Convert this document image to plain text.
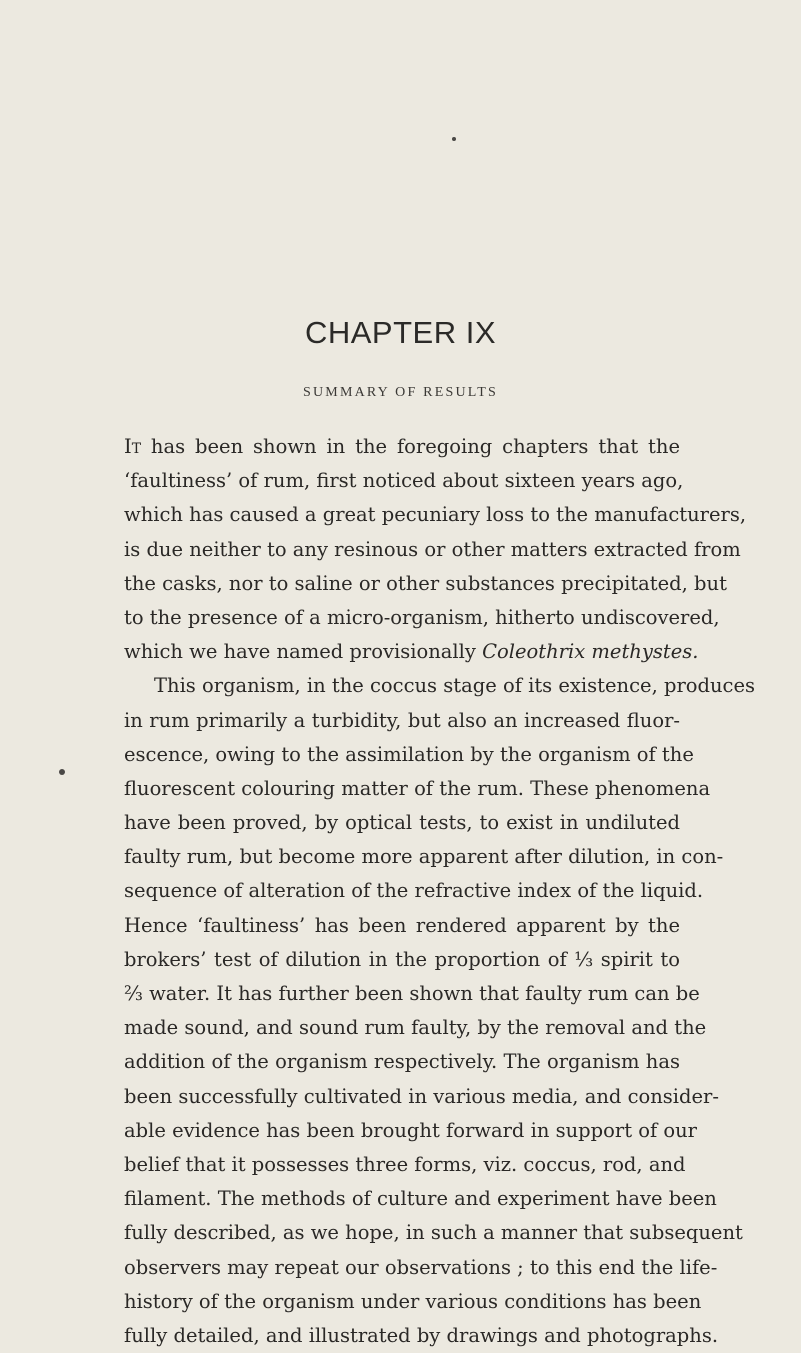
CHAPTER IX
SUMMARY OF RESULTS
It has been shown in the foregoing chapters that the
‘faultiness’ of rum, first noticed about sixteen years ago,
which has caused a great pecuniary loss to the manufacturers,
is due neither to any resinous or other matters extracted from
the casks, nor to saline or other substances precipitated, but
to the presence of a micro-organism, hitherto undiscovered,
which we have named provisionally Coleothrix methystes.
This organism, in the coccus stage of its existence, produces
in rum primarily a turbidity, but also an increased fluor-
escence, owing to the assimilation by the organism of the
fluorescent colouring matter of the rum. These phenomena
have been proved, by optical tests, to exist in undiluted
faulty rum, but become more apparent after dilution, in con-
sequence of alteration of the refractive index of the liquid.
Hence ‘faultiness’ has been rendered apparent by the
brokers’ test of dilution in the proportion of ⅓ spirit to
⅔ water. It has further been shown that faulty rum can be
made sound, and sound rum faulty, by the removal and the
addition of the organism respectively. The organism has
been successfully cultivated in various media, and consider-
able evidence has been brought forward in support of our
belief that it possesses three forms, viz. coccus, rod, and
filament. The methods of culture and experiment have been
fully described, as we hope, in such a manner that subsequent
observers may repeat our observations ; to this end the life-
history of the organism under various conditions has been
fully detailed, and illustrated by drawings and photographs.
